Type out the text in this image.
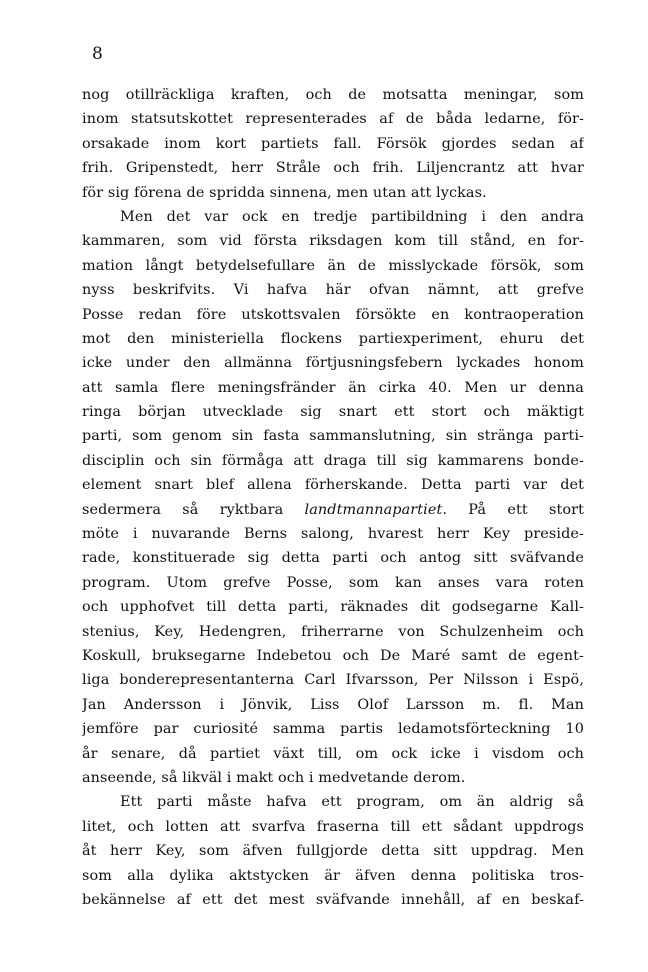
8
nog otillräckliga kraften, och de motsatta meningar, som
inom statsutskottet representerades af de båda ledarne, för-
orsakade inom kort partiets fall. Försök gjordes sedan af
frih. Gripenstedt, herr Stråle och frih. Liljencrantz att hvar
för sig förena de spridda sinnena, men utan att lyckas.
Men det var ock en tredje partibildning i den andra
kammaren, som vid första riksdagen kom till stånd, en for-
mation långt betydelsefullare än de misslyckade försök, som
nyss beskrifvits. Vi hafva här ofvan nämnt, att grefve
Posse redan före utskottsvalen försökte en kontraoperation
mot den ministeriella flockens partiexperiment, ehuru det
icke under den allmänna förtjusningsfebern lyckades honom
att samla flere meningsfränder än cirka 40. Men ur denna
ringa början utvecklade sig snart ett stort och mäktigt
parti, som genom sin fasta sammanslutning, sin stränga parti-
disciplin och sin förmåga att draga till sig kammarens bonde-
element snart blef allena förherskande. Detta parti var det
sedermera så ryktbara landtmannapartiet. På ett stort
möte i nuvarande Berns salong, hvarest herr Key preside-
rade, konstituerade sig detta parti och antog sitt sväfvande
program. Utom grefve Posse, som kan anses vara roten
och upphofvet till detta parti, räknades dit godsegarne Kall-
stenius, Key, Hedengren, friherrarne von Schulzenheim och
Koskull, bruksegarne Indebetou och De Maré samt de egent-
liga bonderepresentanterna Carl Ifvarsson, Per Nilsson i Espö,
Jan Andersson i Jönvik, Liss Olof Larsson m. fl. Man
jemföre par curiosité samma partis ledamotsförteckning 10
år senare, då partiet växt till, om ock icke i visdom och
anseende, så likväl i makt och i medvetande derom.
Ett parti måste hafva ett program, om än aldrig så
litet, och lotten att svarfva fraserna till ett sådant uppdrogs
åt herr Key, som äfven fullgjorde detta sitt uppdrag. Men
som alla dylika aktstycken är äfven denna politiska tros-
bekännelse af ett det mest sväfvande innehåll, af en beskaf-
